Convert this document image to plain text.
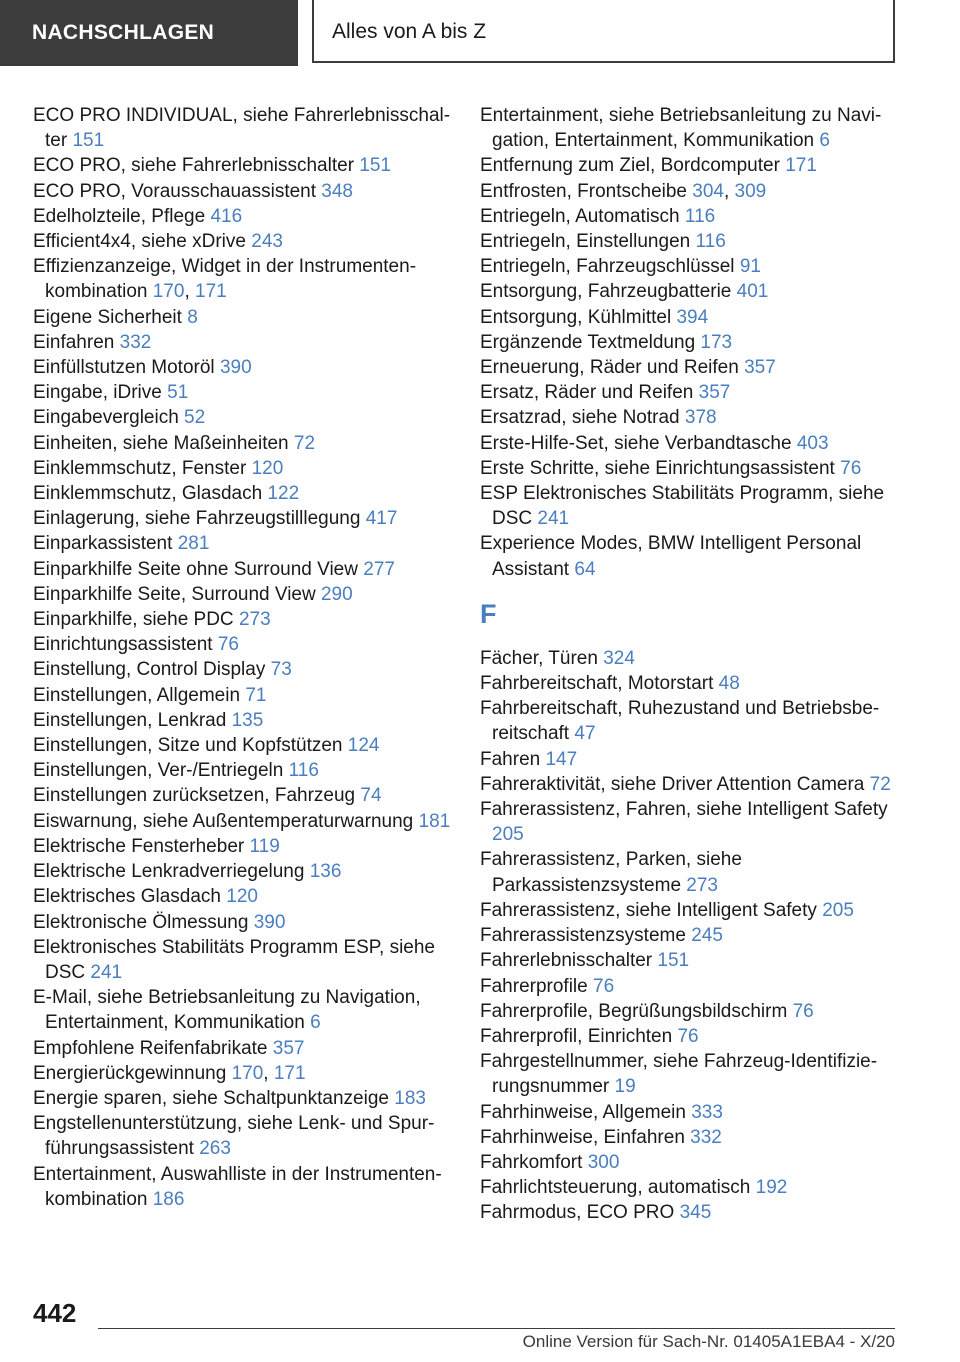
NACHSCHLAGEN	Alles von A bis Z

ECO PRO INDIVIDUAL, siehe Fahrerlebnisschalter 151

ECO PRO, siehe Fahrerlebnisschalter 151

ECO PRO, Vorausschauassistent 348

Edelholzteile, Pflege 416

Efficient4x4, siehe xDrive 243

Effizienzanzeige, Widget in der Instrumentenkombination 170, 171

Eigene Sicherheit 8

Einfahren 332

Einfüllstutzen Motoröl 390

Eingabe, iDrive 51

Eingabevergleich 52

Einheiten, siehe Maßeinheiten 72

Einklemmschutz, Fenster 120

Einklemmschutz, Glasdach 122

Einlagerung, siehe Fahrzeugstilllegung 417

Einparkassistent 281

Einparkhilfe Seite ohne Surround View 277

Einparkhilfe Seite, Surround View 290

Einparkhilfe, siehe PDC 273

Einrichtungsassistent 76

Einstellung, Control Display 73

Einstellungen, Allgemein 71

Einstellungen, Lenkrad 135

Einstellungen, Sitze und Kopfstützen 124

Einstellungen, Ver-/Entriegeln 116

Einstellungen zurücksetzen, Fahrzeug 74

Eiswarnung, siehe Außentemperaturwarnung 181

Elektrische Fensterheber 119

Elektrische Lenkradverriegelung 136

Elektrisches Glasdach 120

Elektronische Ölmessung 390

Elektronisches Stabilitäts Programm ESP, siehe DSC 241

E-Mail, siehe Betriebsanleitung zu Navigation, Entertainment, Kommunikation 6

Empfohlene Reifenfabrikate 357

Energierückgewinnung 170, 171

Energie sparen, siehe Schaltpunktanzeige 183

Engstellenunterstützung, siehe Lenk- und Spurführungsassistent 263

Entertainment, Auswahlliste in der Instrumentenkombination 186

Entertainment, siehe Betriebsanleitung zu Navigation, Entertainment, Kommunikation 6

Entfernung zum Ziel, Bordcomputer 171

Entfrosten, Frontscheibe 304, 309

Entriegeln, Automatisch 116

Entriegeln, Einstellungen 116

Entriegeln, Fahrzeugschlüssel 91

Entsorgung, Fahrzeugbatterie 401

Entsorgung, Kühlmittel 394

Ergänzende Textmeldung 173

Erneuerung, Räder und Reifen 357

Ersatz, Räder und Reifen 357

Ersatzrad, siehe Notrad 378

Erste-Hilfe-Set, siehe Verbandtasche 403

Erste Schritte, siehe Einrichtungsassistent 76

ESP Elektronisches Stabilitäts Programm, siehe DSC 241

Experience Modes, BMW Intelligent Personal Assistant 64

F

Fächer, Türen 324

Fahrbereitschaft, Motorstart 48

Fahrbereitschaft, Ruhezustand und Betriebsbereitschaft 47

Fahren 147

Fahreraktivität, siehe Driver Attention Camera 72

Fahrerassistenz, Fahren, siehe Intelligent Safety 205

Fahrerassistenz, Parken, siehe Parkassistenzsysteme 273

Fahrerassistenz, siehe Intelligent Safety 205

Fahrerassistenzsysteme 245

Fahrerlebnisschalter 151

Fahrerprofile 76

Fahrerprofile, Begrüßungsbildschirm 76

Fahrerprofil, Einrichten 76

Fahrgestellnummer, siehe Fahrzeug-Identifizierungsnummer 19

Fahrhinweise, Allgemein 333

Fahrhinweise, Einfahren 332

Fahrkomfort 300

Fahrlichtsteuerung, automatisch 192

Fahrmodus, ECO PRO 345

442
Online Version für Sach-Nr. 01405A1EBA4 - X/20
